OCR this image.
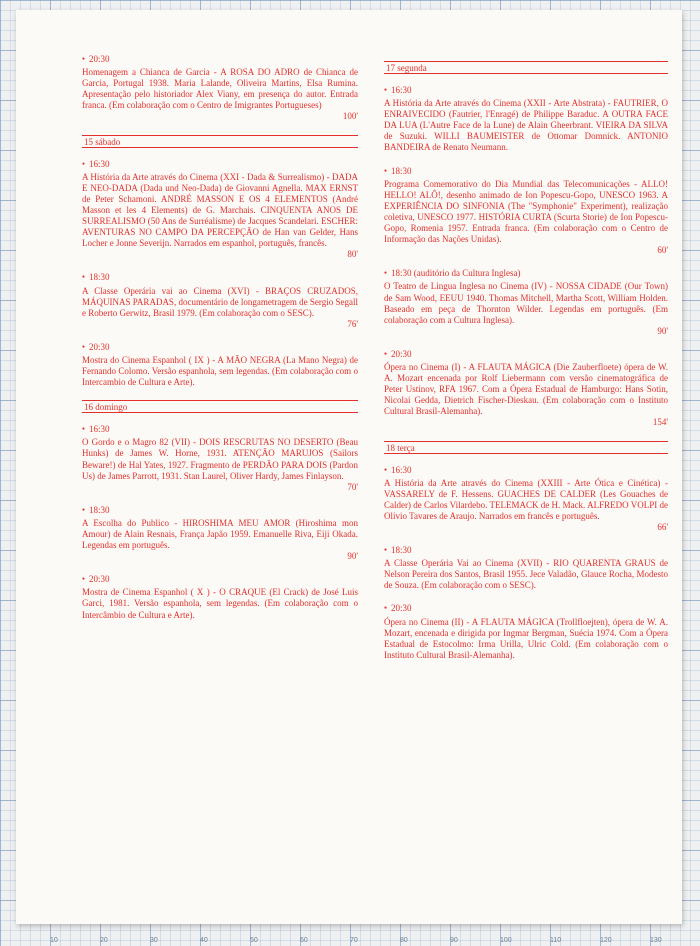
10	20	30	40	50	60	70	80	90	100	110	120	130
● 20:30

Homenagem a Chianca de Garcia - A ROSA DO ADRO de Chianca de Garcia, Portugal 1938. Maria Lalande, Oliveira Martins, Elsa Rumina. Apresentação pelo historiador Alex Viany, em presença do autor. Entrada franca. (Em colaboração com o Centro de Imigrantes Portugueses)
100'

15 sábado
● 16:30

A História da Arte através do Cinema (XXI - Dada & Surrealismo) - DADA E NEO-DADA (Dada und Neo-Dada) de Giovanni Agnella. MAX ERNST de Peter Schamoni. ANDRÉ MASSON E OS 4 ELEMENTOS (André Masson et les 4 Elements) de G. Marchais. CINQUENTA ANOS DE SURREALISMO (50 Ans de Surréalisme) de Jacques Scandelari. ESCHER: AVENTURAS NO CAMPO DA PERCEPÇÃO de Han van Gelder, Hans Locher e Jonne Severijn. Narrados em espanhol, português, francês.
80'

● 18:30

A Classe Operária vai ao Cinema (XVI) - BRAÇOS CRUZADOS, MÁQUINAS PARADAS, documentário de longametragem de Sergio Segall e Roberto Gerwitz, Brasil 1979. (Em colaboração com o SESC).
76'

● 20:30

Mostra do Cinema Espanhol ( IX ) - A MÃO NEGRA (La Mano Negra) de Fernando Colomo. Versão espanhola, sem legendas. (Em colaboração com o Intercambio de Cultura e Arte).

16 domingo
● 16:30

O Gordo e o Magro 82 (VII) - DOIS RESCRUTAS NO DESERTO (Beau Hunks) de James W. Horne, 1931. ATENÇÃO MARUJOS (Sailors Beware!) de Hal Yates, 1927. Fragmento de PERDÃO PARA DOIS (Pardon Us) de James Parrott, 1931. Stan Laurel, Oliver Hardy, James Finlayson.
70'

● 18:30

A Escolha do Publico - HIROSHIMA MEU AMOR (Hiroshima mon Amour) de Alain Resnais, França Japão 1959. Emanuelle Riva, Eiji Okada. Legendas em português.
90'

● 20:30

Mostra de Cinema Espanhol ( X ) - O CRAQUE (El Crack) de José Luis Garci, 1981. Versão espanhola, sem legendas. (Em colaboração com o Intercâmbio de Cultura e Arte).

17 segunda
● 16:30

A História da Arte através do Cinema (XXII - Arte Abstrata) - FAUTRIER, O ENRAIVECIDO (Fautrier, l'Enragé) de Philippe Baraduc. A OUTRA FACE DA LUA (L'Autre Face de la Lune) de Alain Gheerbrant. VIEIRA DA SILVA de Suzuki. WILLI BAUMEISTER de Ottomar Domnick. ANTONIO BANDEIRA de Renato Neumann.

● 18:30

Programa Comemorativo do Dia Mundial das Telecomunicações - ALLO! HELLO! ALÔ!, desenho animado de Ion Popescu-Gopo, UNESCO 1963. A EXPERIÊNCIA DO SINFONIA (The "Symphonie" Experiment), realização coletiva, UNESCO 1977. HISTÓRIA CURTA (Scurta Storie) de Ion Popescu-Gopo, Romenia 1957. Entrada franca. (Em colaboração com o Centro de Informação das Nações Unidas).
60'

● 18:30 (auditório da Cultura Inglesa)

O Teatro de Lingua Inglesa no Cinema (IV) - NOSSA CIDADE (Our Town) de Sam Wood, EEUU 1940. Thomas Mitchell, Martha Scott, William Holden. Baseado em peça de Thornton Wilder. Legendas em português. (Em colaboração com a Cultura Inglesa).
90'

● 20:30

Ópera no Cinema (I) - A FLAUTA MÁGICA (Die Zauberfloete) ópera de W. A. Mozart encenada por Rolf Liebermann com versão cinematográfica de Peter Ustinov, RFA 1967. Com a Ópera Estadual de Hamburgo: Hans Sotin, Nicolai Gedda, Dietrich Fischer-Dieskau. (Em colaboração com o Instituto Cultural Brasil-Alemanha).
154'

18 terça
● 16:30

A História da Arte através do Cinema (XXIII - Arte Ótica e Cinética) - VASSARELY de F. Hessens. GUACHES DE CALDER (Les Gouaches de Calder) de Carlos Vilardebo. TELEMACK de H. Mack. ALFREDO VOLPI de Olívio Tavares de Araujo. Narrados em francês e português.
66'

● 18:30

A Classe Operária Vai ao Cinema (XVII) - RIO QUARENTA GRAUS de Nelson Pereira dos Santos, Brasil 1955. Jece Valadão, Glauce Rocha, Modesto de Souza. (Em colaboração com o SESC).

● 20:30

Ópera no Cinema (II) - A FLAUTA MÁGICA (Trollfloejten), ópera de W. A. Mozart, encenada e dirigida por Ingmar Bergman, Suécia 1974. Com a Ópera Estadual de Estocolmo: Irma Urilla, Ulric Cold. (Em colaboração com o Instituto Cultural Brasil-Alemanha).
